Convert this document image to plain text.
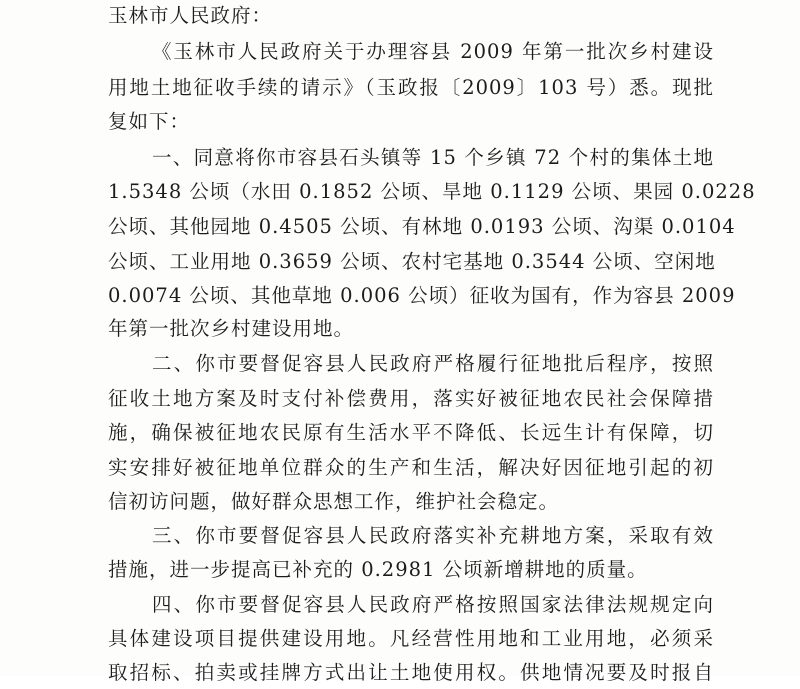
玉林市人民政府：
《玉林市人民政府关于办理容县 2009 年第一批次乡村建设
用地土地征收手续的请示》（玉政报〔2009〕103 号）悉。现批
复如下：
一、同意将你市容县石头镇等 15 个乡镇 72 个村的集体土地
1.5348 公顷（水田 0.1852 公顷、旱地 0.1129 公顷、果园 0.0228
公顷、其他园地 0.4505 公顷、有林地 0.0193 公顷、沟渠 0.0104
公顷、工业用地 0.3659 公顷、农村宅基地 0.3544 公顷、空闲地
0.0074 公顷、其他草地 0.006 公顷）征收为国有，作为容县 2009
年第一批次乡村建设用地。
二、你市要督促容县人民政府严格履行征地批后程序，按照
征收土地方案及时支付补偿费用，落实好被征地农民社会保障措
施，确保被征地农民原有生活水平不降低、长远生计有保障，切
实安排好被征地单位群众的生产和生活，解决好因征地引起的初
信初访问题，做好群众思想工作，维护社会稳定。
三、你市要督促容县人民政府落实补充耕地方案，采取有效
措施，进一步提高已补充的 0.2981 公顷新增耕地的质量。
四、你市要督促容县人民政府严格按照国家法律法规规定向
具体建设项目提供建设用地。凡经营性用地和工业用地，必须采
取招标、拍卖或挂牌方式出让土地使用权。供地情况要及时报自
